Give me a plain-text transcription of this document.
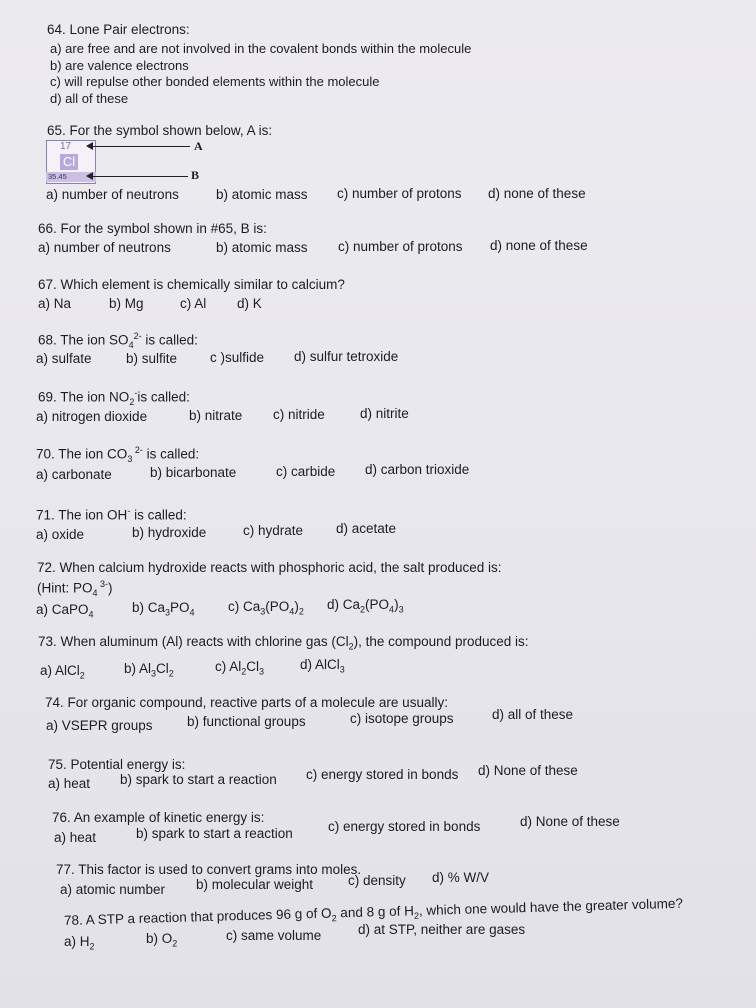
64. Lone Pair electrons:
a) are free and are not involved in the covalent bonds within the molecule
b) are valence electrons
c) will repulse other bonded elements within the molecule
d) all of these
65. For the symbol shown below, A is:
17
Cl
35.45
A
B
a) number of neutrons	b) atomic mass c) number of protons d) none of these
66. For the symbol shown in #65, B is:
a) number of neutrons	b) atomic mass c) number of protons d) none of these
67. Which element is chemically similar to calcium?
a) Na	b) Mg	c) Al d) K
68. The ion $SO_4^{2-}$ is called:
a) sulfate	b) sulfite c )sulfide d) sulfur tetroxide
69. The ion $NO_2^-is$ called:
a) nitrogen dioxide	b) nitrate c) nitride	d) nitrite
70. The ion $CO_3$ $^{2-}$ is called:
a) carbonate	b) bicarbonate	c) carbide d) carbon trioxide
71. The ion OH- is called:
a) oxide	b) hydroxide	c) hydrate d) acetate
72. When calcium hydroxide reacts with phosphoric acid, the salt produced is:
(Hint: $PO_4$ $^{3-}$)
a) CaPO$_4$	b) $Ca_3PO_4$ c) $Ca_3(PO_4)_2$ d) $Ca_2(PO_4)_3$
73. When aluminum (Al) reacts with chlorine gas $(Cl_2)$, the compound produced is:
a) AlCl$_2$	b) $Al_3Cl_2$	c) $Al_2Cl_3$	d) AlCl$_3$
74. For organic compound, reactive parts of a molecule are usually:
a) VSEPR groups	b) functional groups	c) isotope groups	d) all of these
75. Potential energy is:
a) heat b) spark to start a reaction c) energy stored in bonds d) None of these
76. An example of kinetic energy is:
a) heat	b) spark to start a reaction	c) energy stored in bonds	d) None of these
77. This factor is used to convert grams into moles.
a) atomic number b) molecular weight	c) density d) % W/V
78. A STP a reaction that produces 96 g of $O_2$ and 8 g of $H_2$, which one would have the greater volume?
a) $H_2$
b) $O_2$
c) same volume	d) at STP, neither are gases
